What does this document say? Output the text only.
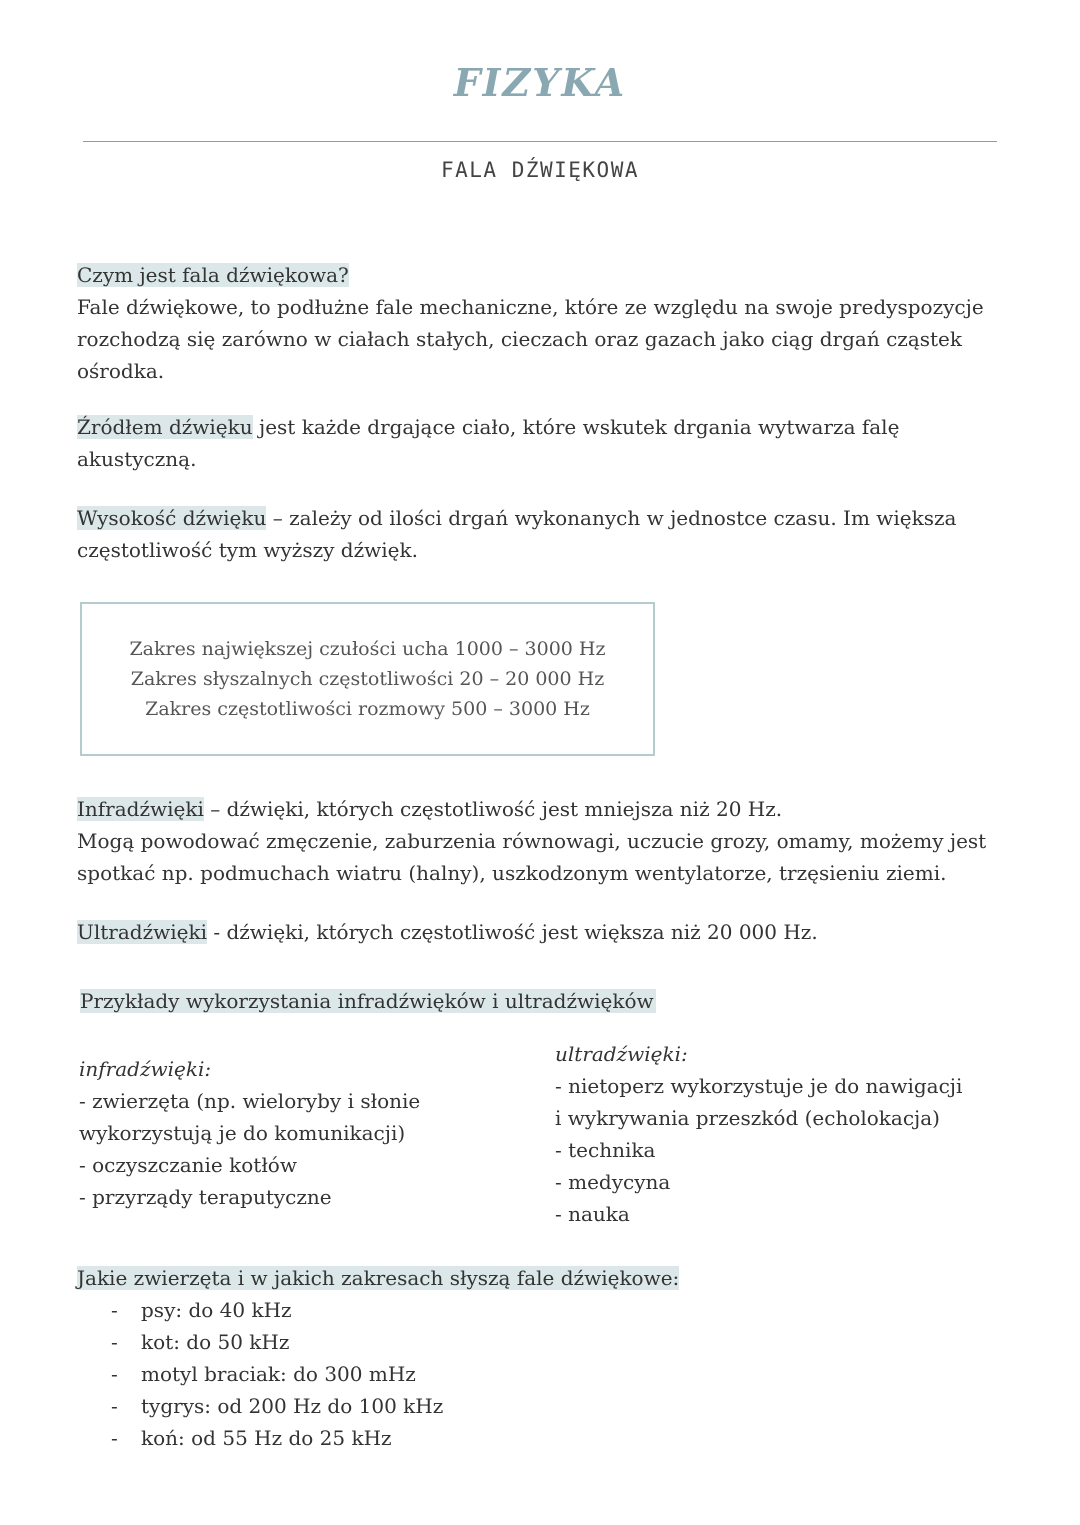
FIZYKA
FALA DŹWIĘKOWA
Czym jest fala dźwiękowa?
Fale dźwiękowe, to podłużne fale mechaniczne, które ze względu na swoje predyspozycje rozchodzą się zarówno w ciałach stałych, cieczach oraz gazach jako ciąg drgań cząstek ośrodka.
Źródłem dźwięku jest każde drgające ciało, które wskutek drgania wytwarza falę akustyczną.
Wysokość dźwięku – zależy od ilości drgań wykonanych w jednostce czasu. Im większa częstotliwość tym wyższy dźwięk.
Zakres największej czułości ucha 1000 – 3000 Hz
Zakres słyszalnych częstotliwości 20 – 20 000 Hz
Zakres częstotliwości rozmowy 500 – 3000 Hz
Infradźwięki – dźwięki, których częstotliwość jest mniejsza niż 20 Hz.
Mogą powodować zmęczenie, zaburzenia równowagi, uczucie grozy, omamy, możemy jest spotkać np. podmuchach wiatru (halny), uszkodzonym wentylatorze, trzęsieniu ziemi.
Ultradźwięki - dźwięki, których częstotliwość jest większa niż 20 000 Hz.
Przykłady wykorzystania infradźwięków i ultradźwięków
infradźwięki:
- zwierzęta (np. wieloryby i słonie
wykorzystują je do komunikacji)
- oczyszczanie kotłów
- przyrządy teraputyczne
ultradźwięki:
- nietoperz wykorzystuje je do nawigacji
i wykrywania przeszkód (echolokacja)
- technika
- medycyna
- nauka
Jakie zwierzęta i w jakich zakresach słyszą fale dźwiękowe:
-	psy: do 40 kHz
-	kot: do 50 kHz
-	motyl braciak: do 300 mHz
-	tygrys: od 200 Hz do 100 kHz
-	koń: od 55 Hz do 25 kHz
